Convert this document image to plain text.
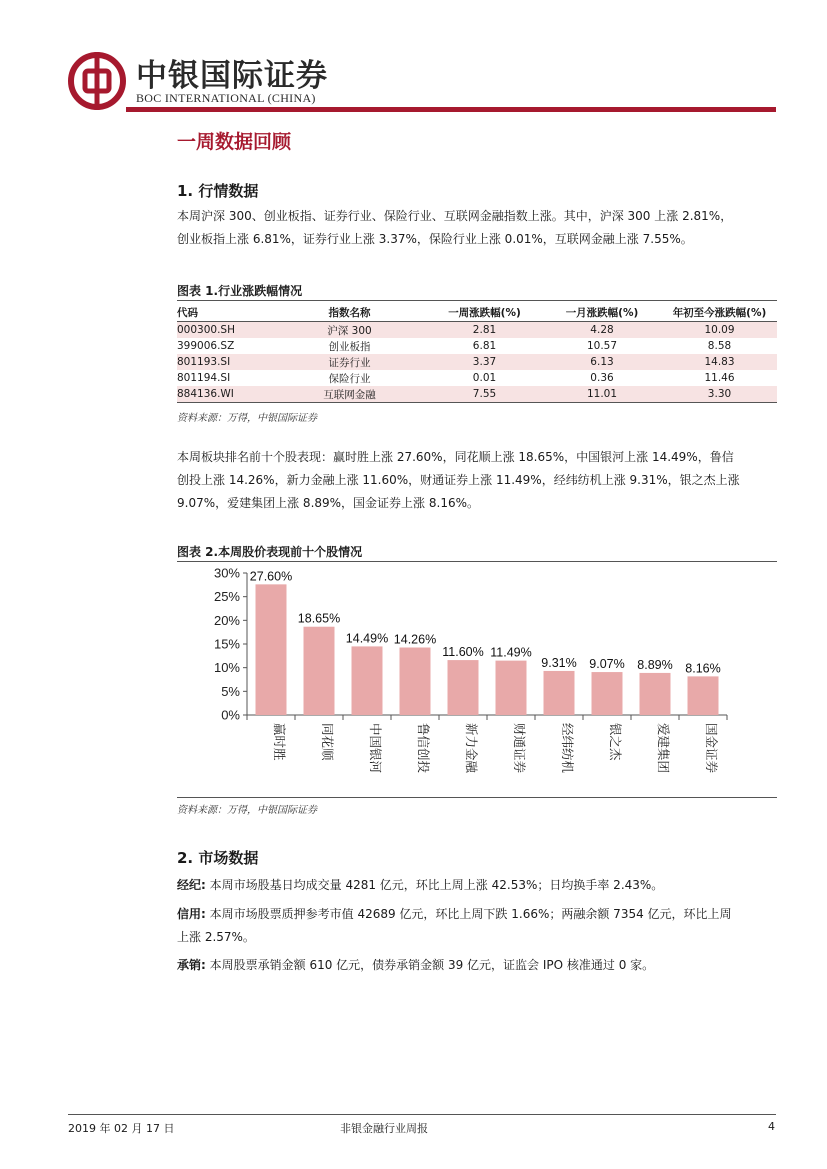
中银国际证券
BOC INTERNATIONAL (CHINA)
一周数据回顾
1. 行情数据
本周沪深 300、创业板指、证券行业、保险行业、互联网金融指数上涨。其中，沪深 300 上涨 2.81%，
创业板指上涨 6.81%，证券行业上涨 3.37%，保险行业上涨 0.01%，互联网金融上涨 7.55%。
图表 1.行业涨跌幅情况
代码	指数名称	一周涨跌幅(%)	一月涨跌幅(%)	年初至今涨跌幅(%)
000300.SH	沪深 300	2.81	4.28	10.09
399006.SZ	创业板指	6.81	10.57	8.58
801193.SI	证券行业	3.37	6.13	14.83
801194.SI	保险行业	0.01	0.36	11.46
884136.WI	互联网金融	7.55	11.01	3.30
资料来源：万得，中银国际证券
本周板块排名前十个股表现：赢时胜上涨 27.60%，同花顺上涨 18.65%，中国银河上涨 14.49%，鲁信
创投上涨 14.26%，新力金融上涨 11.60%，财通证券上涨 11.49%，经纬纺机上涨 9.31%，银之杰上涨
9.07%，爱建集团上涨 8.89%，国金证券上涨 8.16%。
图表 2.本周股价表现前十个股情况
0%
5%
10%
15%
20%
25%
30% 27.60%
18.65%
14.49% 14.26%
11.60% 11.49%
9.31% 9.07% 8.89% 8.16%
赢时胜	同花顺	中国银河	鲁信创投	新力金融	财通证券	经纬纺机	银之杰	爱建集团	国金证券
资料来源：万得，中银国际证券
2. 市场数据
经纪: 本周市场股基日均成交量 4281 亿元，环比上周上涨 42.53%；日均换手率 2.43%。
信用: 本周市场股票质押参考市值 42689 亿元，环比上周下跌 1.66%；两融余额 7354 亿元，环比上周
上涨 2.57%。
承销: 本周股票承销金额 610 亿元，债券承销金额 39 亿元，证监会 IPO 核准通过 0 家。
2019 年 02 月 17 日	非银金融行业周报	4
